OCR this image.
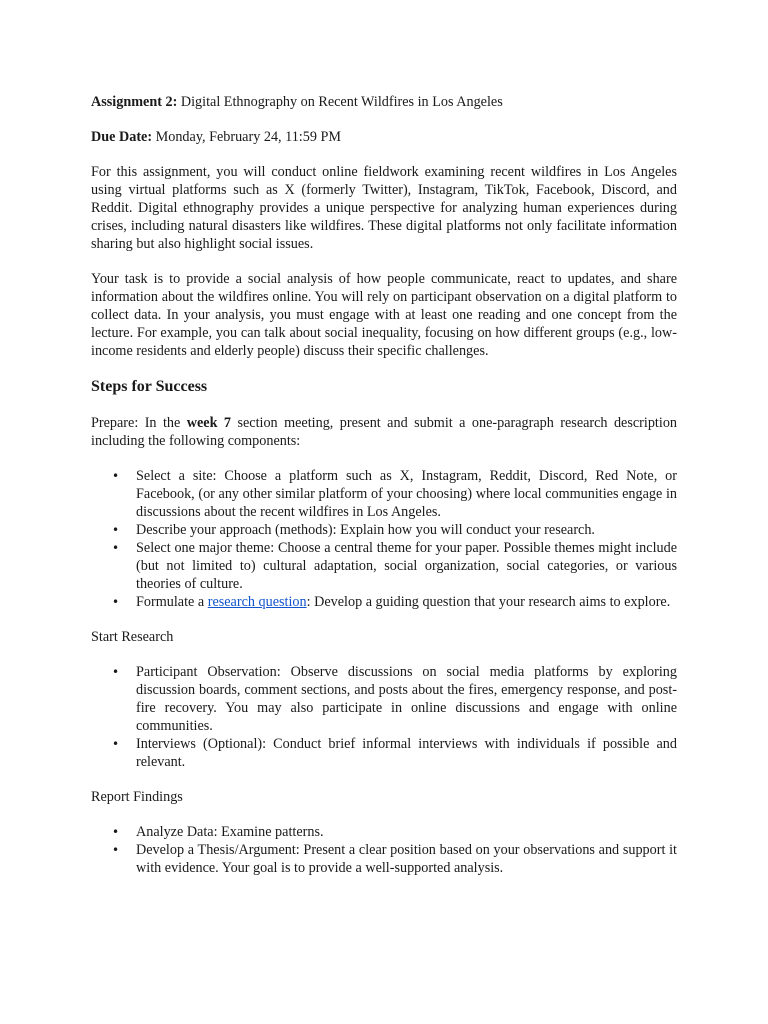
Assignment 2: Digital Ethnography on Recent Wildfires in Los Angeles

Due Date: Monday, February 24, 11:59 PM

For this assignment, you will conduct online fieldwork examining recent wildfires in Los Angeles using virtual platforms such as X (formerly Twitter), Instagram, TikTok, Facebook, Discord, and Reddit. Digital ethnography provides a unique perspective for analyzing human experiences during crises, including natural disasters like wildfires. These digital platforms not only facilitate information sharing but also highlight social issues.

Your task is to provide a social analysis of how people communicate, react to updates, and share information about the wildfires online. You will rely on participant observation on a digital platform to collect data. In your analysis, you must engage with at least one reading and one concept from the lecture. For example, you can talk about social inequality, focusing on how different groups (e.g., low-income residents and elderly people) discuss their specific challenges.

Steps for Success

Prepare: In the week 7 section meeting, present and submit a one-paragraph research description including the following components:

• Select a site: Choose a platform such as X, Instagram, Reddit, Discord, Red Note, or Facebook, (or any other similar platform of your choosing) where local communities engage in discussions about the recent wildfires in Los Angeles.
• Describe your approach (methods): Explain how you will conduct your research.
• Select one major theme: Choose a central theme for your paper. Possible themes might include (but not limited to) cultural adaptation, social organization, social categories, or various theories of culture.
• Formulate a research question: Develop a guiding question that your research aims to explore.

Start Research

• Participant Observation: Observe discussions on social media platforms by exploring discussion boards, comment sections, and posts about the fires, emergency response, and post-fire recovery. You may also participate in online discussions and engage with online communities.
• Interviews (Optional): Conduct brief informal interviews with individuals if possible and relevant.

Report Findings

• Analyze Data: Examine patterns.
• Develop a Thesis/Argument: Present a clear position based on your observations and support it with evidence. Your goal is to provide a well-supported analysis.
